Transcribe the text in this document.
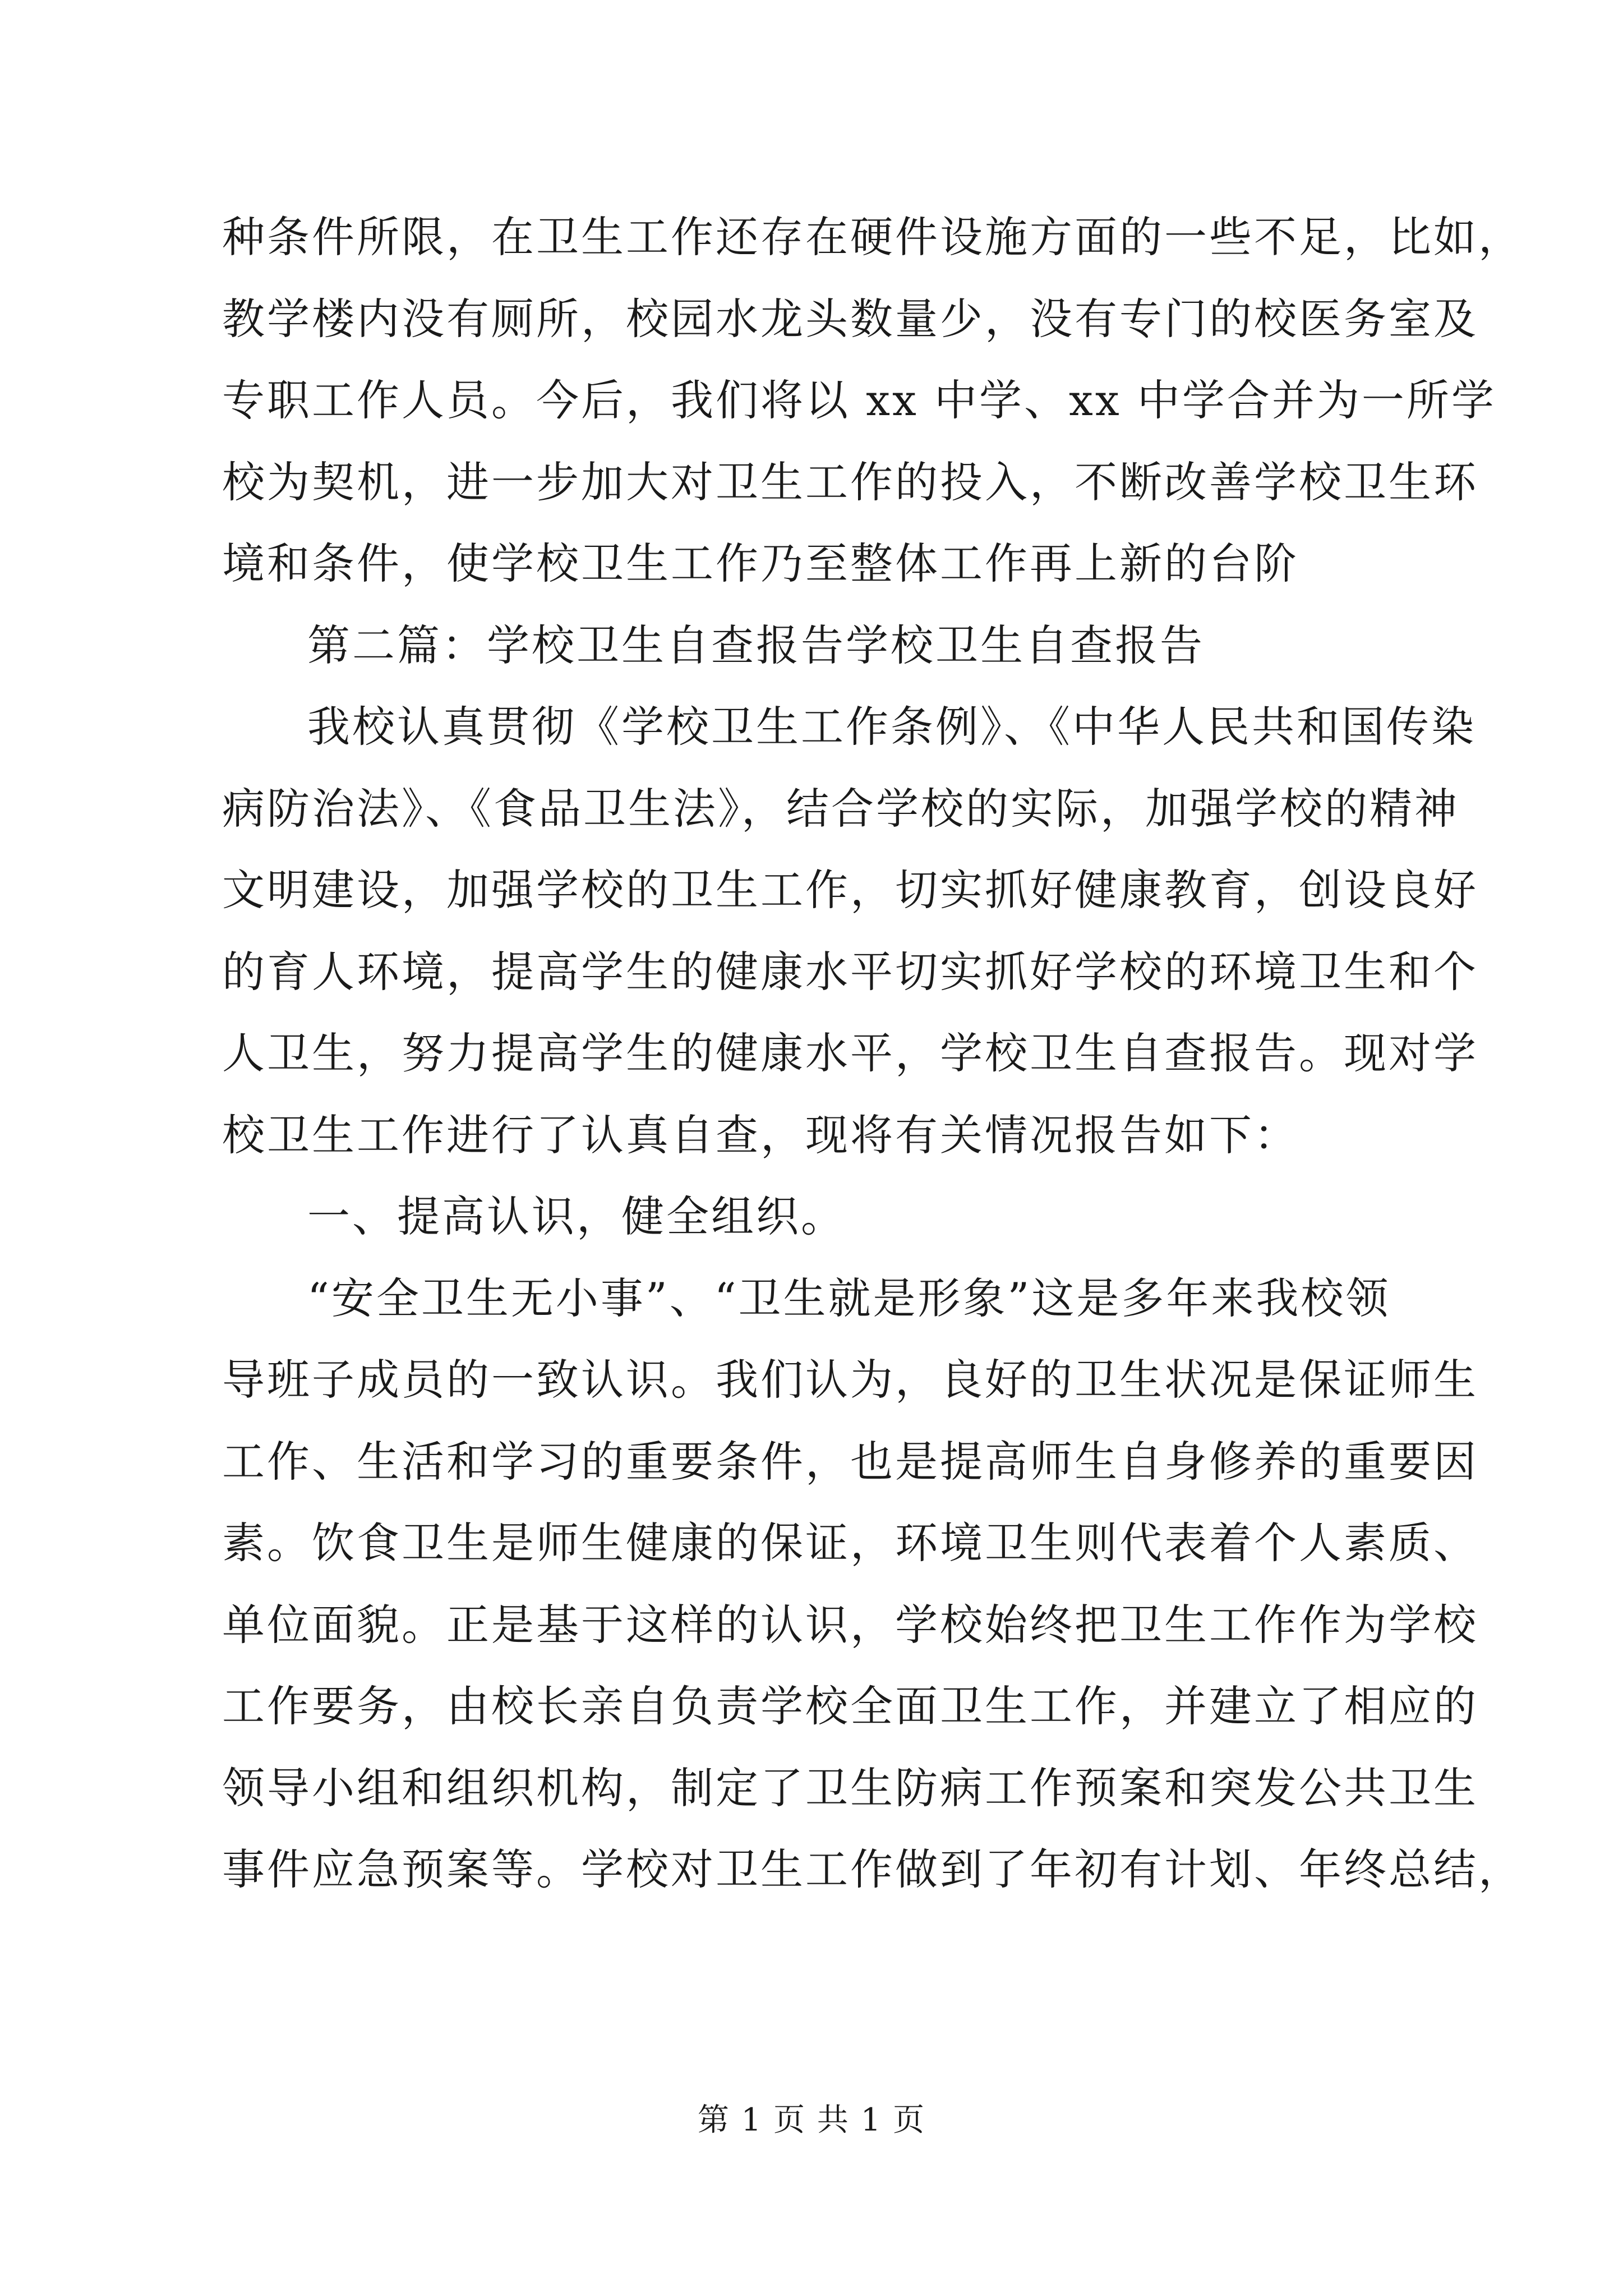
种条件所限，在卫生工作还存在硬件设施方面的一些不足，比如，
教学楼内没有厕所，校园水龙头数量少，没有专门的校医务室及
专职工作人员。今后，我们将以 xx 中学、xx 中学合并为一所学
校为契机，进一步加大对卫生工作的投入，不断改善学校卫生环
境和条件，使学校卫生工作乃至整体工作再上新的台阶
第二篇：学校卫生自查报告学校卫生自查报告
我校认真贯彻《学校卫生工作条例》、《中华人民共和国传染
病防治法》、《食品卫生法》，结合学校的实际，加强学校的精神
文明建设，加强学校的卫生工作，切实抓好健康教育，创设良好
的育人环境，提高学生的健康水平切实抓好学校的环境卫生和个
人卫生，努力提高学生的健康水平，学校卫生自查报告。现对学
校卫生工作进行了认真自查，现将有关情况报告如下：
一、提高认识，健全组织。
“安全卫生无小事”、“卫生就是形象”这是多年来我校领
导班子成员的一致认识。我们认为，良好的卫生状况是保证师生
工作、生活和学习的重要条件，也是提高师生自身修养的重要因
素。饮食卫生是师生健康的保证，环境卫生则代表着个人素质、
单位面貌。正是基于这样的认识，学校始终把卫生工作作为学校
工作要务，由校长亲自负责学校全面卫生工作，并建立了相应的
领导小组和组织机构，制定了卫生防病工作预案和突发公共卫生
事件应急预案等。学校对卫生工作做到了年初有计划、年终总结，
第 1 页 共 1 页
